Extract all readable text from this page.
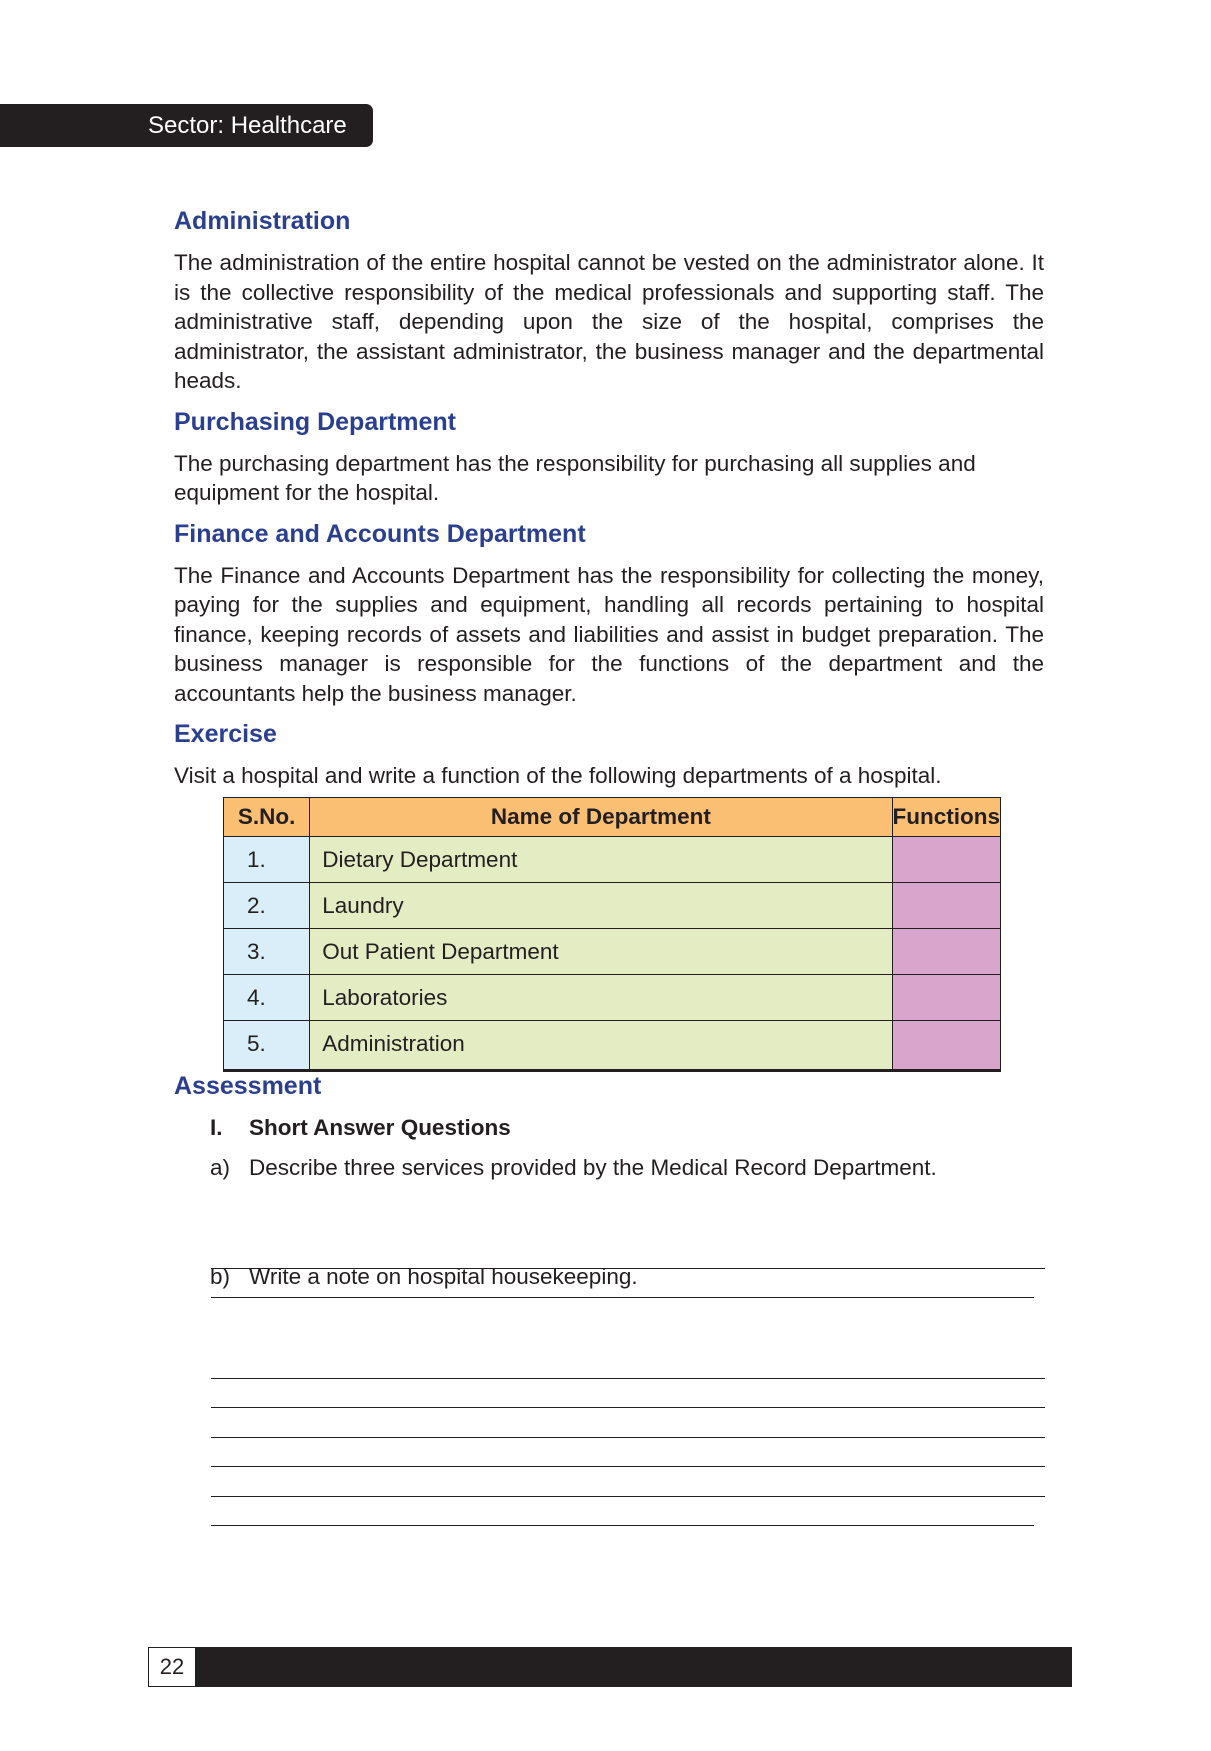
Sector: Healthcare
Administration

The administration of the entire hospital cannot be vested on the administrator alone. It is the collective responsibility of the medical professionals and supporting staff. The administrative staff, depending upon the size of the hospital, comprises the administrator, the assistant administrator, the business manager and the departmental heads.

Purchasing Department

The purchasing department has the responsibility for purchasing all supplies and equipment for the hospital.

Finance and Accounts Department

The Finance and Accounts Department has the responsibility for collecting the money, paying for the supplies and equipment, handling all records pertaining to hospital finance, keeping records of assets and liabilities and assist in budget preparation. The business manager is responsible for the functions of the department and the accountants help the business manager.

Exercise

Visit a hospital and write a function of the following departments of a hospital.

S.No.	Name of Department	Functions
1.	Dietary Department	
2.	Laundry	
3.	Out Patient Department	
4.	Laboratories	
5.	Administration	
Assessment
I.	Short Answer Questions
a) Describe three services provided by the Medical Record Department.
b) Write a note on hospital housekeeping.
22
